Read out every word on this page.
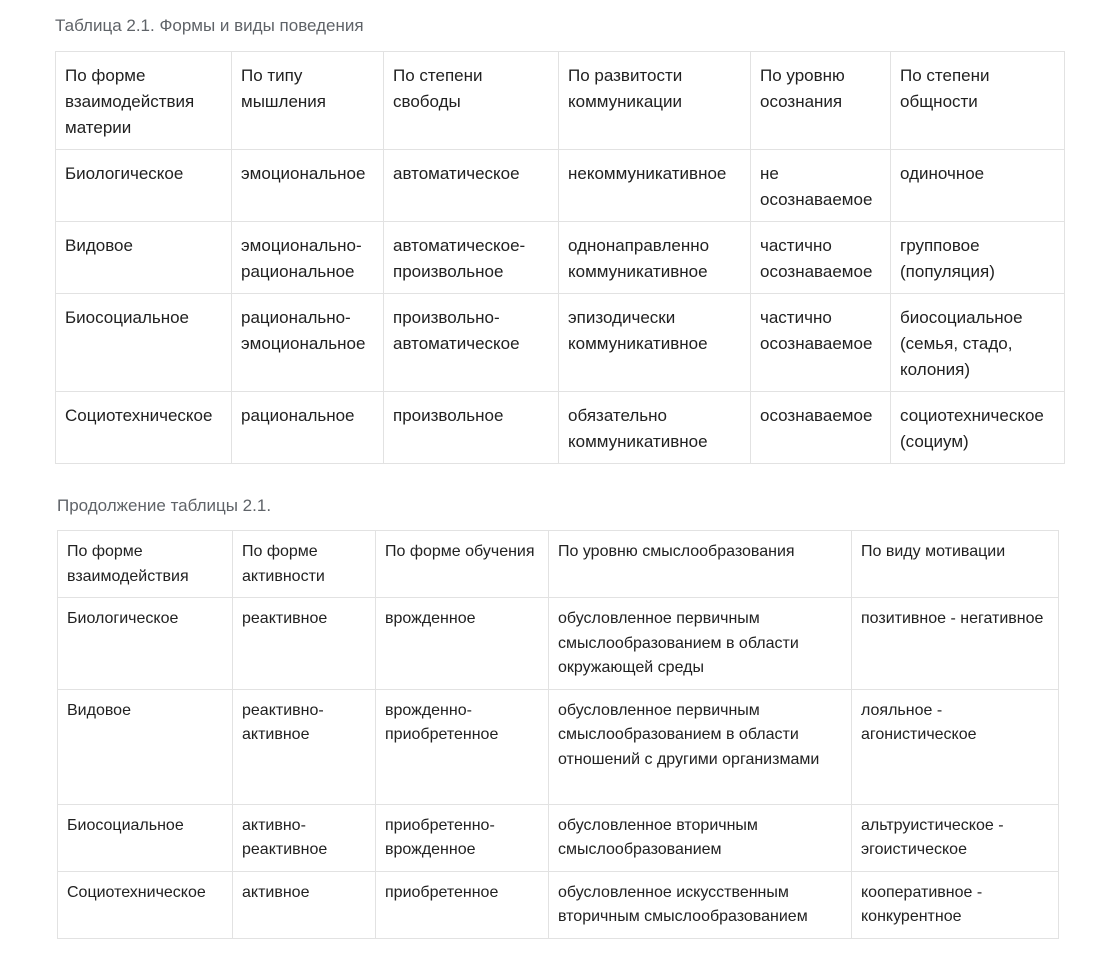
Таблица 2.1. Формы и виды поведения

По форме взаимодействия материи	По типу мышления	По степени свободы	По развитости коммуникации	По уровню осознания	По степени общности
Биологическое	эмоциональное	автоматическое	некоммуникативное	не осознаваемое	одиночное
Видовое	эмоционально-рациональное	автоматическое-произвольное	однонаправленно коммуникативное	частично осознаваемое	групповое (популяция)
Биосоциальное	рационально-эмоциональное	произвольно-автоматическое	эпизодически коммуникативное	частично осознаваемое	биосоциальное (семья, стадо, колония)
Социотехническое	рациональное	произвольное	обязательно коммуникативное	осознаваемое	социотехническое (социум)

Продолжение таблицы 2.1.

По форме взаимодействия	По форме активности	По форме обучения	По уровню смыслообразования	По виду мотивации
Биологическое	реактивное	врожденное	обусловленное первичным смыслообразованием в области окружающей среды	позитивное - негативное
Видовое	реактивно-активное	врожденно-приобретенное	обусловленное первичным смыслообразованием в области отношений с другими организмами	лояльное - агонистическое
Биосоциальное	активно-реактивное	приобретенно-врожденное	обусловленное вторичным смыслообразованием	альтруистическое - эгоистическое
Социотехническое	активное	приобретенное	обусловленное искусственным вторичным смыслообразованием	кооперативное - конкурентное
